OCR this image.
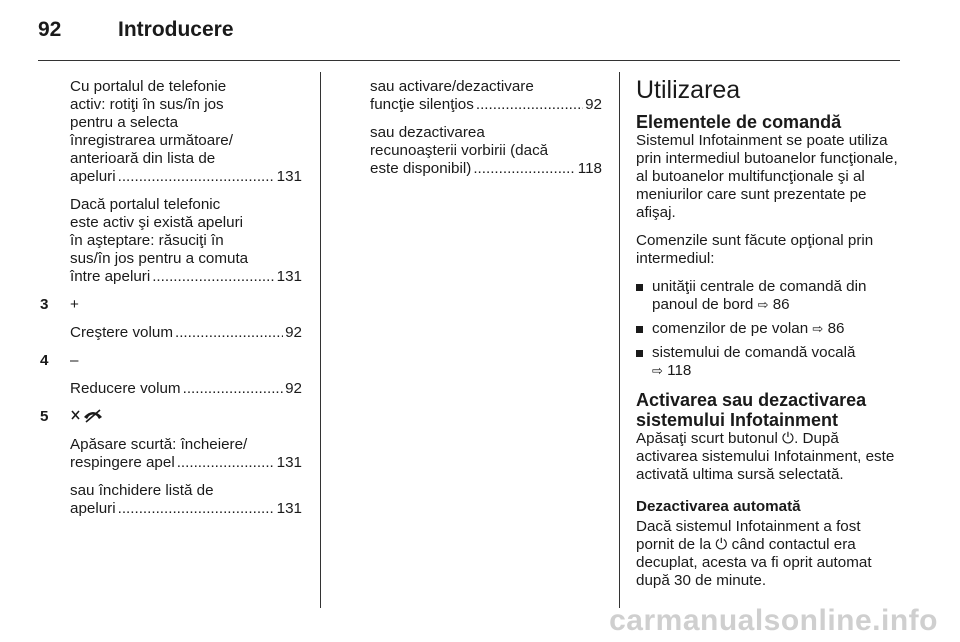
92	Introducere
Cu portalul de telefonie
activ: rotiţi în sus/în jos
pentru a selecta
înregistrarea următoare/
anterioară din lista de
apeluri .....	131
Dacă portalul telefonic
este activ şi există apeluri
în aşteptare: răsuciţi în
sus/în jos pentru a comuta
între apeluri .....	131
3 +
Creştere volum .....	92
4 –
Reducere volum .....	92
5
Apăsare scurtă: încheiere/
respingere apel .....	131
sau închidere listă de
apeluri .....	131
sau activare/dezactivare
funcţie silenţios .....	92
sau dezactivarea
recunoaşterii vorbirii (dacă
este disponibil) .....	118
Utilizarea
Elementele de comandă

Sistemul Infotainment se poate utiliza prin intermediul butoanelor funcţionale, al butoanelor multifuncţionale şi al meniurilor care sunt prezentate pe afişaj.

Comenzile sunt făcute opţional prin intermediul:

unităţii centrale de comandă din panoul de bord ⇨ 86
comenzilor de pe volan ⇨ 86
sistemului de comandă vocală
⇨ 118
Activarea sau dezactivarea sistemului Infotainment

Apăsaţi scurt butonul ⏻. După activarea sistemului Infotainment, este activată ultima sursă selectată.

Dezactivarea automată

Dacă sistemul Infotainment a fost pornit de la ⏻ când contactul era decuplat, acesta va fi oprit automat după 30 de minute.

carmanualsonline.info
